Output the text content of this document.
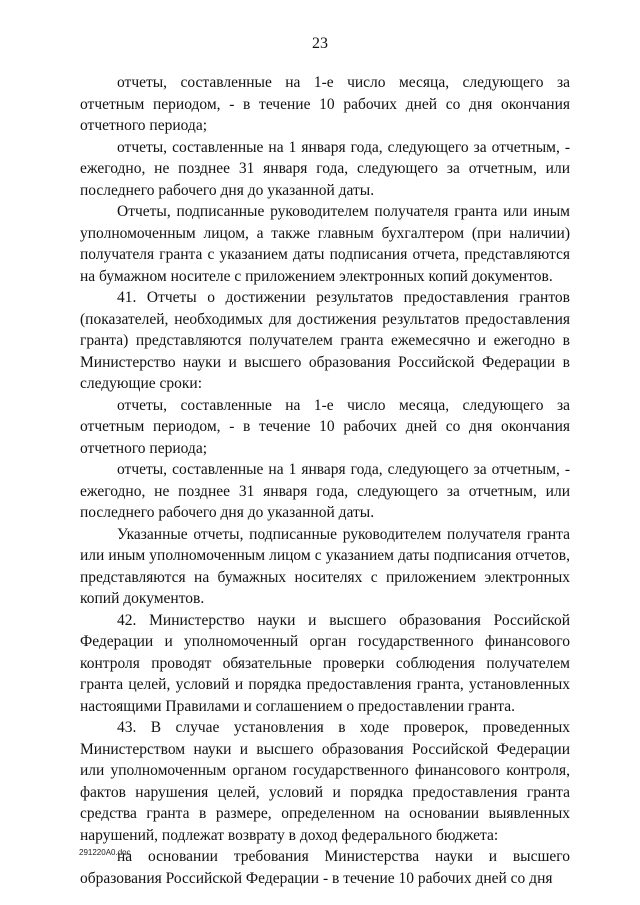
23

отчеты, составленные на 1-е число месяца, следующего за отчетным периодом, - в течение 10 рабочих дней со дня окончания отчетного периода;

отчеты, составленные на 1 января года, следующего за отчетным, - ежегодно, не позднее 31 января года, следующего за отчетным, или последнего рабочего дня до указанной даты.

Отчеты, подписанные руководителем получателя гранта или иным уполномоченным лицом, а также главным бухгалтером (при наличии) получателя гранта с указанием даты подписания отчета, представляются на бумажном носителе с приложением электронных копий документов.

41. Отчеты о достижении результатов предоставления грантов (показателей, необходимых для достижения результатов предоставления гранта) представляются получателем гранта ежемесячно и ежегодно в Министерство науки и высшего образования Российской Федерации в следующие сроки:

отчеты, составленные на 1-е число месяца, следующего за отчетным периодом, - в течение 10 рабочих дней со дня окончания отчетного периода;

отчеты, составленные на 1 января года, следующего за отчетным, - ежегодно, не позднее 31 января года, следующего за отчетным, или последнего рабочего дня до указанной даты.

Указанные отчеты, подписанные руководителем получателя гранта или иным уполномоченным лицом с указанием даты подписания отчетов, представляются на бумажных носителях с приложением электронных копий документов.

42. Министерство науки и высшего образования Российской Федерации и уполномоченный орган государственного финансового контроля проводят обязательные проверки соблюдения получателем гранта целей, условий и порядка предоставления гранта, установленных настоящими Правилами и соглашением о предоставлении гранта.

43. В случае установления в ходе проверок, проведенных Министерством науки и высшего образования Российской Федерации или уполномоченным органом государственного финансового контроля, фактов нарушения целей, условий и порядка предоставления гранта средства гранта в размере, определенном на основании выявленных нарушений, подлежат возврату в доход федерального бюджета:

на основании требования Министерства науки и высшего образования Российской Федерации - в течение 10 рабочих дней со дня

291220A0.doc
